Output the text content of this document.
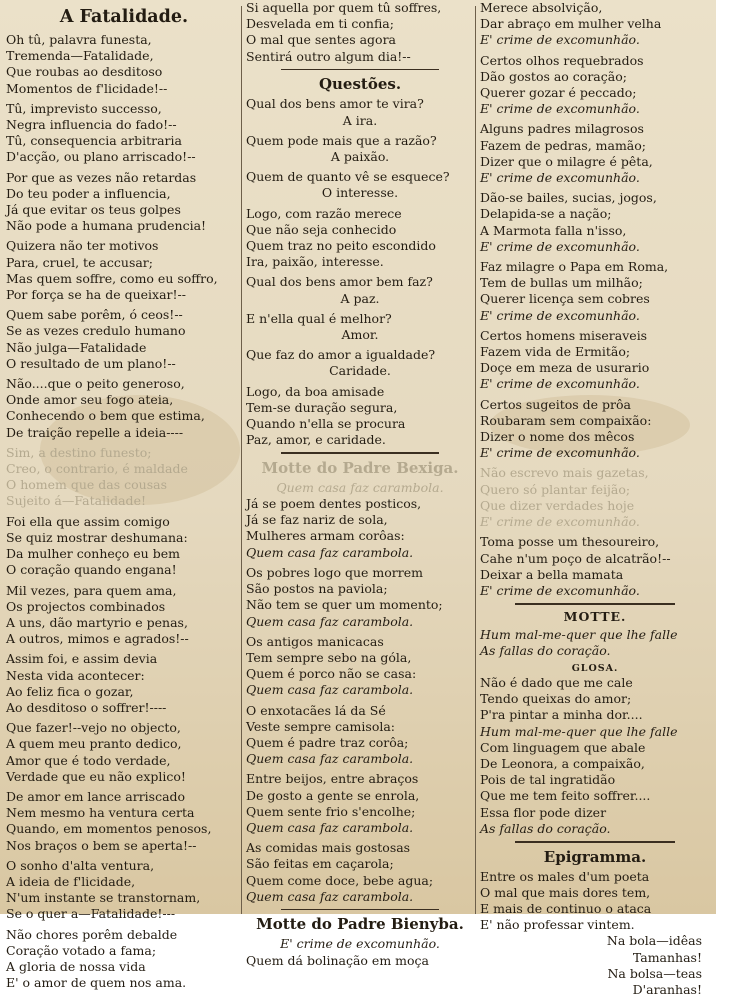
A Fatalidade.
Oh tû, palavra funesta,
Tremenda—Fatalidade,
Que roubas ao desditoso
Momentos de f'licidade!--
Tû, imprevisto successo,
Negra influencia do fado!--
Tû, consequencia arbitraria
D'acção, ou plano arriscado!--
Por que as vezes não retardas
Do teu poder a influencia,
Já que evitar os teus golpes
Não pode a humana prudencia!
Quizera não ter motivos
Para, cruel, te accusar;
Mas quem soffre, como eu soffro,
Por força se ha de queixar!--
Quem sabe porêm, ó ceos!--
Se as vezes credulo humano
Não julga—Fatalidade
O resultado de um plano!--
Não....que o peito generoso,
Onde amor seu fogo ateia,
Conhecendo o bem que estima,
De traição repelle a ideia----
Sim, a destino funesto;
Creo, o contrario, é maldade
O homem que das cousas
Sujeito á—Fatalidade!
Foi ella que assim comigo
Se quiz mostrar deshumana:
Da mulher conheço eu bem
O coração quando engana!
Mil vezes, para quem ama,
Os projectos combinados
A uns, dão martyrio e penas,
A outros, mimos e agrados!--
Assim foi, e assim devia
Nesta vida acontecer:
Ao feliz fica o gozar,
Ao desditoso o soffrer!----
Que fazer!--vejo no objecto,
A quem meu pranto dedico,
Amor que é todo verdade,
Verdade que eu não explico!
De amor em lance arriscado
Nem mesmo ha ventura certa
Quando, em momentos penosos,
Nos braços o bem se aperta!--
O sonho d'alta ventura,
A ideia de f'licidade,
N'um instante se transtornam,
Se o quer a—Fatalidade!---
Não chores porêm debalde
Coração votado a fama;
A gloria de nossa vida
E' o amor de quem nos ama.
Si aquella por quem tû soffres,
Desvelada em ti confia;
O mal que sentes agora
Sentirá outro algum dia!--
Questões.
Qual dos bens amor te vira?
A ira.
Quem pode mais que a razão?
A paixão.
Quem de quanto vê se esquece?
O interesse.
Logo, com razão merece
Que não seja conhecido
Quem traz no peito escondido
Ira, paixão, interesse.
Qual dos bens amor bem faz?
A paz.
E n'ella qual é melhor?
Amor.
Que faz do amor a igualdade?
Caridade.
Logo, da boa amisade
Tem-se duração segura,
Quando n'ella se procura
Paz, amor, e caridade.
Motte do Padre Bexiga.
Quem casa faz carambola.
Já se poem dentes posticos,
Já se faz nariz de sola,
Mulheres armam corôas:
Quem casa faz carambola.
Os pobres logo que morrem
São postos na paviola;
Não tem se quer um momento;
Quem casa faz carambola.
Os antigos manicacas
Tem sempre sebo na góla,
Quem é porco não se casa:
Quem casa faz carambola.
O enxotacães lá da Sé
Veste sempre camisola:
Quem é padre traz corôa;
Quem casa faz carambola.
Entre beijos, entre abraços
De gosto a gente se enrola,
Quem sente frio s'encolhe;
Quem casa faz carambola.
As comidas mais gostosas
São feitas em caçarola;
Quem come doce, bebe agua;
Quem casa faz carambola.
Motte do Padre Bienyba.
E' crime de excomunhão.
Quem dá bolinação em moça
Merece absolvição,
Dar abraço em mulher velha
E' crime de excomunhão.
Certos olhos requebrados
Dão gostos ao coração;
Querer gozar é peccado;
E' crime de excomunhão.
Alguns padres milagrosos
Fazem de pedras, mamão;
Dizer que o milagre é pêta,
E' crime de excomunhão.
Dão-se bailes, sucias, jogos,
Delapida-se a nação;
A Marmota falla n'isso,
E' crime de excomunhão.
Faz milagre o Papa em Roma,
Tem de bullas um milhão;
Querer licença sem cobres
E' crime de excomunhão.
Certos homens miseraveis
Fazem vida de Ermitão;
Doçe em meza de usurario
E' crime de excomunhão.
Certos sugeitos de prôa
Roubaram sem compaixão:
Dizer o nome dos mêcos
E' crime de excomunhão.
Não escrevo mais gazetas,
Quero só plantar feijão;
Que dizer verdades hoje
E' crime de excomunhão.
Toma posse um thesoureiro,
Cahe n'um poço de alcatrão!--
Deixar a bella mamata
E' crime de excomunhão.
MOTTE.
Hum mal-me-quer que lhe falle
As fallas do coração.
GLOSA.
Não é dado que me cale
Tendo queixas do amor;
P'ra pintar a minha dor....
Hum mal-me-quer que lhe falle
Com linguagem que abale
De Leonora, a compaixão,
Pois de tal ingratidão
Que me tem feito soffrer....
Essa flor pode dizer
As fallas do coração.
Epigramma.
Entre os males d'um poeta
O mal que mais dores tem,
E mais de continuo o ataca
E' não professar vintem.
Na bola—idêas
Tamanhas!
Na bolsa—teas
D'aranhas!
